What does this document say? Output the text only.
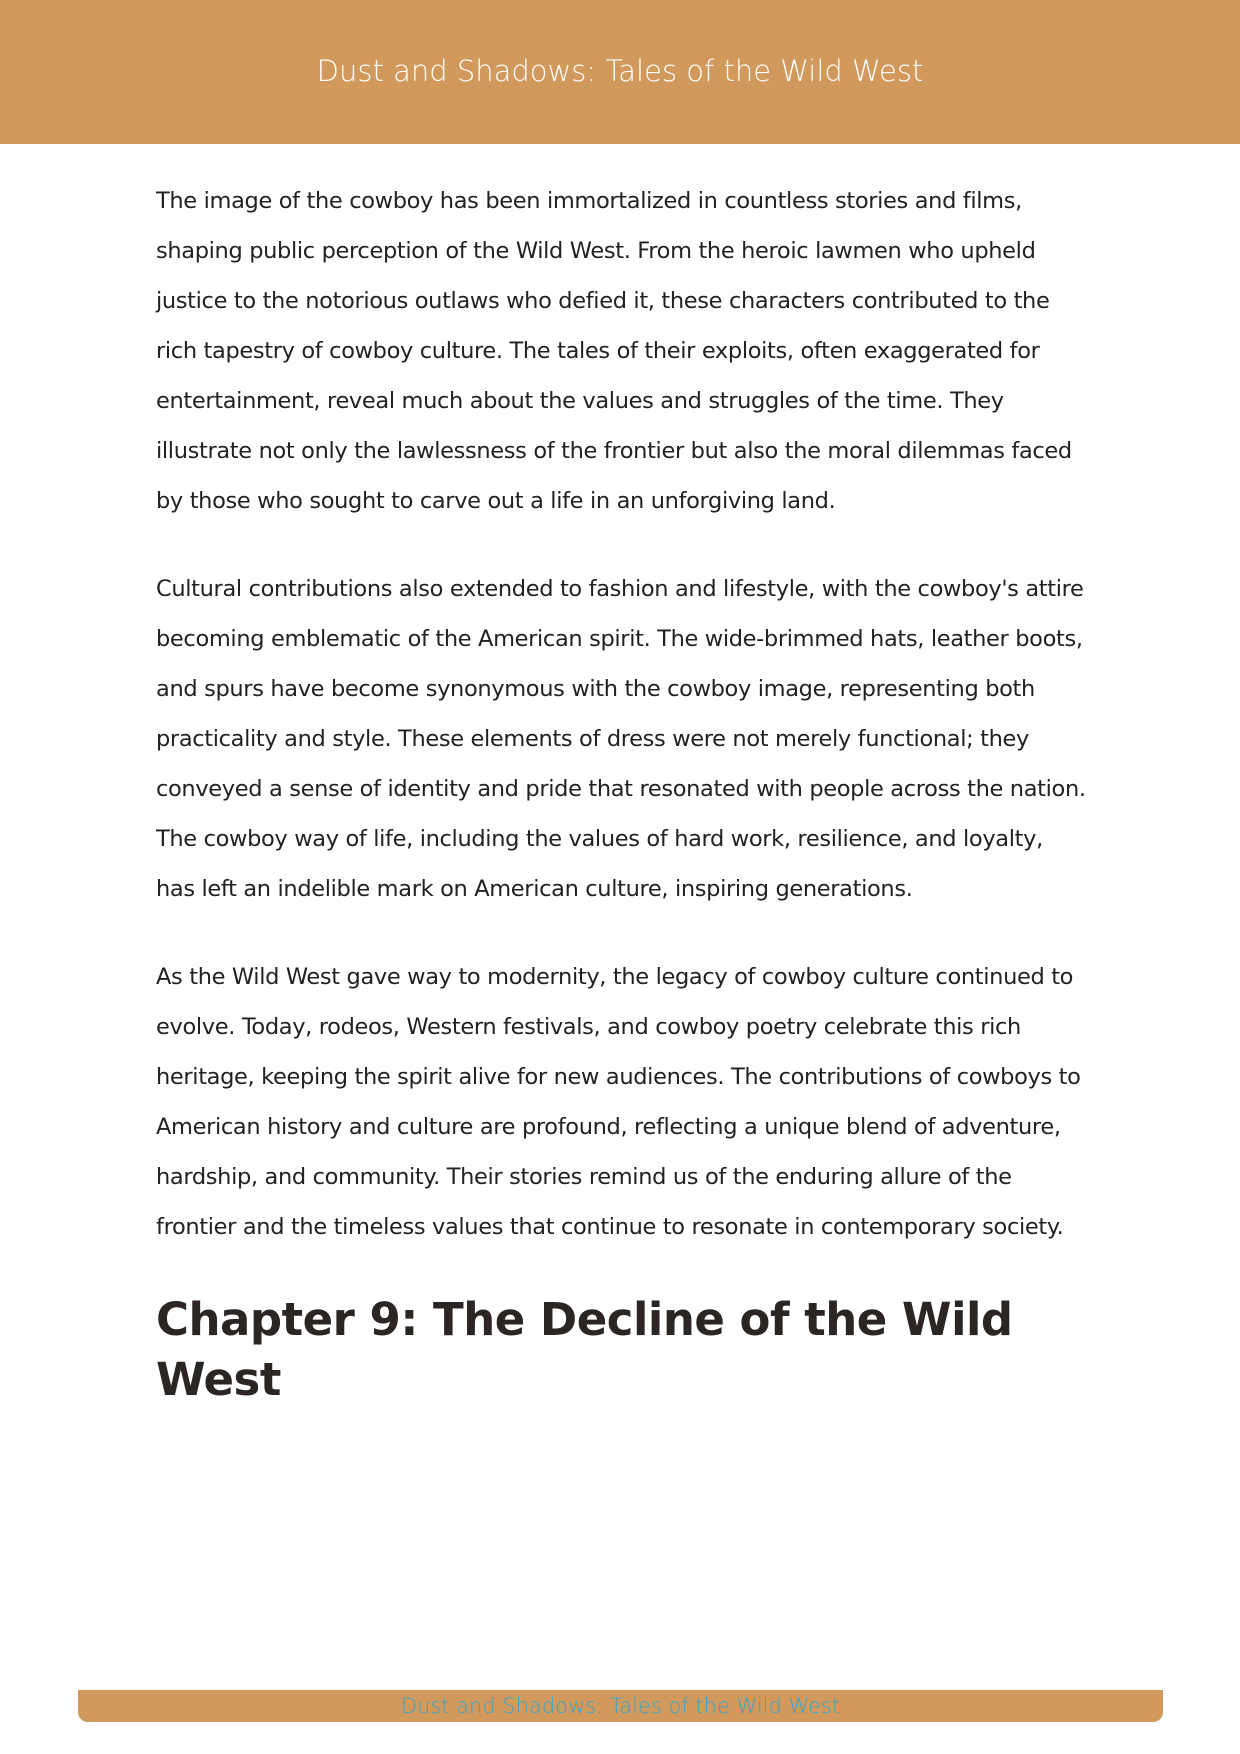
Dust and Shadows: Tales of the Wild West

The image of the cowboy has been immortalized in countless stories and films, shaping public perception of the Wild West. From the heroic lawmen who upheld justice to the notorious outlaws who defied it, these characters contributed to the rich tapestry of cowboy culture. The tales of their exploits, often exaggerated for entertainment, reveal much about the values and struggles of the time. They illustrate not only the lawlessness of the frontier but also the moral dilemmas faced by those who sought to carve out a life in an unforgiving land.

Cultural contributions also extended to fashion and lifestyle, with the cowboy's attire becoming emblematic of the American spirit. The wide-brimmed hats, leather boots, and spurs have become synonymous with the cowboy image, representing both practicality and style. These elements of dress were not merely functional; they conveyed a sense of identity and pride that resonated with people across the nation. The cowboy way of life, including the values of hard work, resilience, and loyalty, has left an indelible mark on American culture, inspiring generations.

As the Wild West gave way to modernity, the legacy of cowboy culture continued to evolve. Today, rodeos, Western festivals, and cowboy poetry celebrate this rich heritage, keeping the spirit alive for new audiences. The contributions of cowboys to American history and culture are profound, reflecting a unique blend of adventure, hardship, and community. Their stories remind us of the enduring allure of the frontier and the timeless values that continue to resonate in contemporary society.

Chapter 9: The Decline of the Wild West
Dust and Shadows: Tales of the Wild West
